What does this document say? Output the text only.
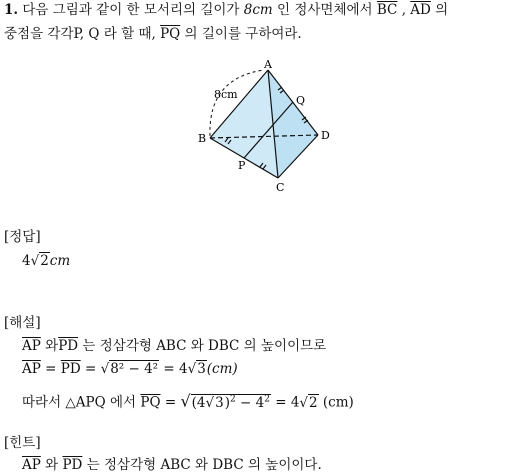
1. 다음 그림과 같이 한 모서리의 길이가 8cm 인 정사면체에서 $\overline{BC}$ , $\overline{AD}$ 의
중점을 각각P, Q 라 할 때, $\overline{PQ}$ 의 길이를 구하여라.
A
B
C
D
P
Q
8cm
[정답]
4√2cm
[해설]
$\overline{AP}$ 와$\overline{PD}$ 는 정삼각형 ABC 와 DBC 의 높이이므로
$\overline{AP} = \overline{PD} = √8^2 - 4^2 = 4√3(cm)$
따라서 △APQ 에서 $\overline{PQ} = √(4√3)^2 - 4^2 = 4√2$ (cm)
[힌트]
$\overline{AP}$ 와 $\overline{PD}$ 는 정삼각형 ABC 와 DBC 의 높이이다.
